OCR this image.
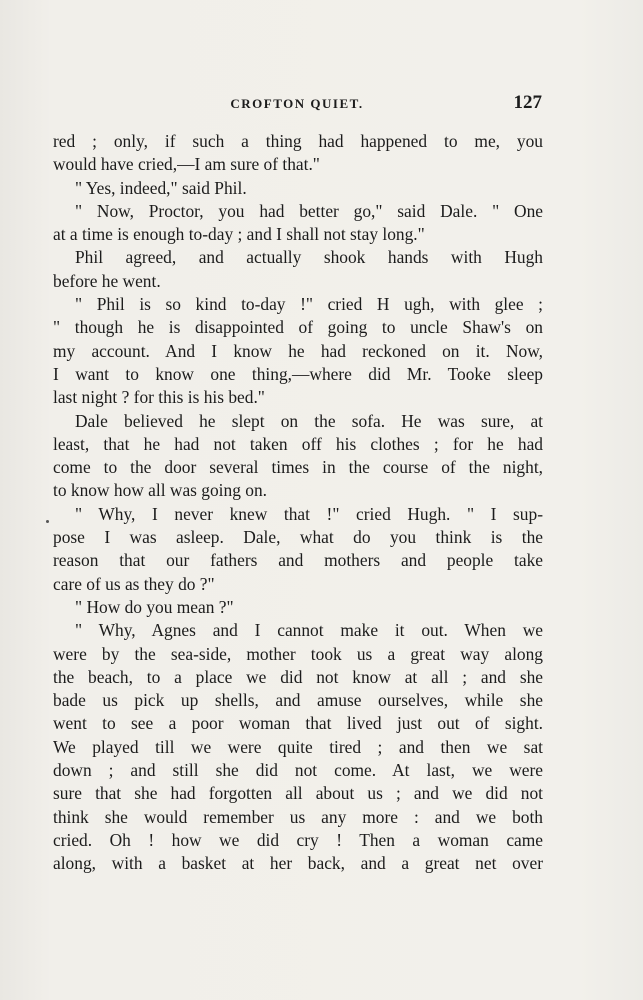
CROFTON QUIET.	127
red ; only, if such a thing had happened to me, you
would have cried,—I am sure of that."
" Yes, indeed," said Phil.
" Now, Proctor, you had better go," said Dale. " One
at a time is enough to-day ; and I shall not stay long."
Phil agreed, and actually shook hands with Hugh
before he went.
" Phil is so kind to-day !" cried H ugh, with glee ;
" though he is disappointed of going to uncle Shaw's on
my account. And I know he had reckoned on it. Now,
I want to know one thing,—where did Mr. Tooke sleep
last night ? for this is his bed."
Dale believed he slept on the sofa. He was sure, at
least, that he had not taken off his clothes ; for he had
come to the door several times in the course of the night,
to know how all was going on.
" Why, I never knew that !" cried Hugh. " I sup-
pose I was asleep. Dale, what do you think is the
reason that our fathers and mothers and people take
care of us as they do ?"
" How do you mean ?"
" Why, Agnes and I cannot make it out. When we
were by the sea-side, mother took us a great way along
the beach, to a place we did not know at all ; and she
bade us pick up shells, and amuse ourselves, while she
went to see a poor woman that lived just out of sight.
We played till we were quite tired ; and then we sat
down ; and still she did not come. At last, we were
sure that she had forgotten all about us ; and we did not
think she would remember us any more : and we both
cried. Oh ! how we did cry ! Then a woman came
along, with a basket at her back, and a great net over
